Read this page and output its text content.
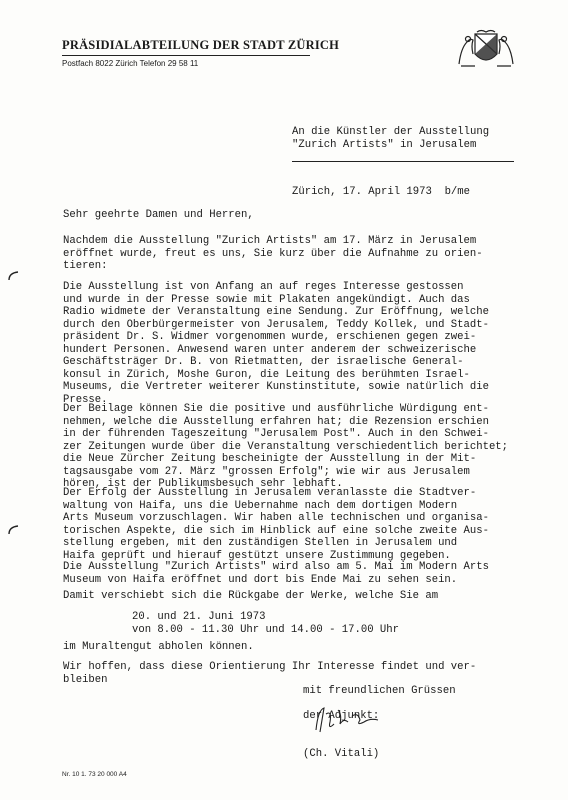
PRÄSIDIALABTEILUNG DER STADT ZÜRICH
Postfach 8022 Zürich Telefon 29 58 11
An die Künstler der Ausstellung
"Zurich Artists" in Jerusalem
Zürich, 17. April 1973  b/me
Sehr geehrte Damen und Herren,
Nachdem die Ausstellung "Zurich Artists" am 17. März in Jerusalem
eröffnet wurde, freut es uns, Sie kurz über die Aufnahme zu orien-
tieren:
Die Ausstellung ist von Anfang an auf reges Interesse gestossen
und wurde in der Presse sowie mit Plakaten angekündigt. Auch das
Radio widmete der Veranstaltung eine Sendung. Zur Eröffnung, welche
durch den Oberbürgermeister von Jerusalem, Teddy Kollek, und Stadt-
präsident Dr. S. Widmer vorgenommen wurde, erschienen gegen zwei-
hundert Personen. Anwesend waren unter anderem der schweizerische
Geschäftsträger Dr. B. von Rietmatten, der israelische General-
konsul in Zürich, Moshe Guron, die Leitung des berühmten Israel-
Museums, die Vertreter weiterer Kunstinstitute, sowie natürlich die
Presse.
Der Beilage können Sie die positive und ausführliche Würdigung ent-
nehmen, welche die Ausstellung erfahren hat; die Rezension erschien
in der führenden Tageszeitung "Jerusalem Post". Auch in den Schwei-
zer Zeitungen wurde über die Veranstaltung verschiedentlich berichtet;
die Neue Zürcher Zeitung bescheinigte der Ausstellung in der Mit-
tagsausgabe vom 27. März "grossen Erfolg"; wie wir aus Jerusalem
hören, ist der Publikumsbesuch sehr lebhaft.
Der Erfolg der Ausstellung in Jerusalem veranlasste die Stadtver-
waltung von Haifa, uns die Uebernahme nach dem dortigen Modern
Arts Museum vorzuschlagen. Wir haben alle technischen und organisa-
torischen Aspekte, die sich im Hinblick auf eine solche zweite Aus-
stellung ergeben, mit den zuständigen Stellen in Jerusalem und
Haifa geprüft und hierauf gestützt unsere Zustimmung gegeben.
Die Ausstellung "Zurich Artists" wird also am 5. Mai im Modern Arts
Museum von Haifa eröffnet und dort bis Ende Mai zu sehen sein.
Damit verschiebt sich die Rückgabe der Werke, welche Sie am
20. und 21. Juni 1973
von 8.00 - 11.30 Uhr und 14.00 - 17.00 Uhr
im Muraltengut abholen können.
Wir hoffen, dass diese Orientierung Ihr Interesse findet und ver-
bleiben
mit freundlichen Grüssen

der Adjunkt:

(Ch. Vitali)
Nr. 10 1. 73 20 000 A4
